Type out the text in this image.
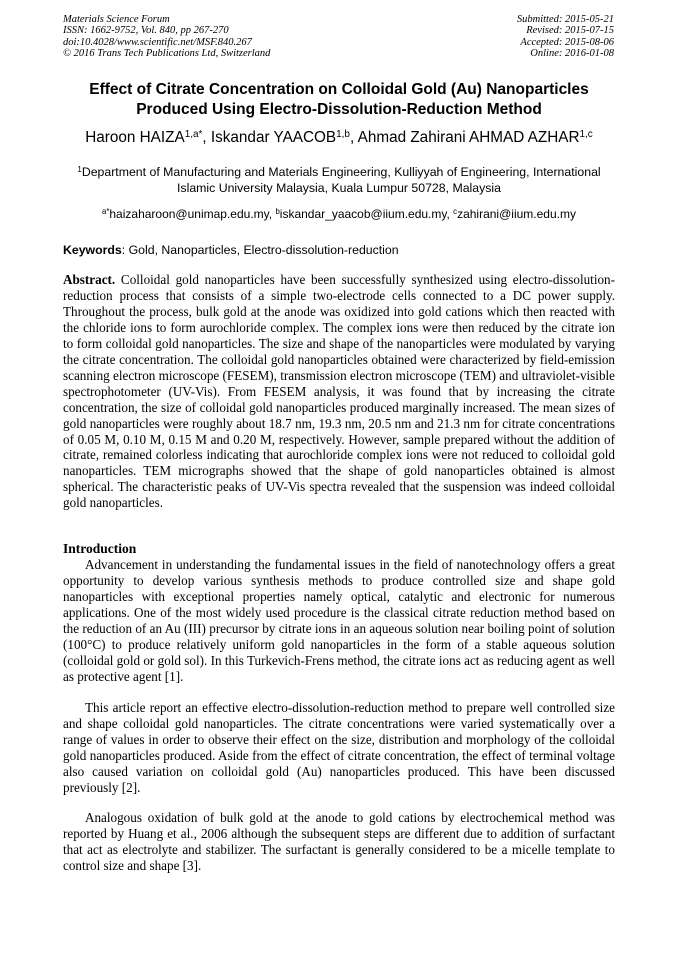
Materials Science Forum
ISSN: 1662-9752, Vol. 840, pp 267-270
doi:10.4028/www.scientific.net/MSF.840.267
© 2016 Trans Tech Publications Ltd, Switzerland
Submitted: 2015-05-21
Revised: 2015-07-15
Accepted: 2015-08-06
Online: 2016-01-08
Effect of Citrate Concentration on Colloidal Gold (Au) Nanoparticles Produced Using Electro-Dissolution-Reduction Method
Haroon $HAIZA^{1,a*}$, Iskandar YAACOB$^{1,b}$, Ahmad Zahirani AHMAD AZHAR$^{1,c}$
$^1$Department of Manufacturing and Materials Engineering, Kulliyyah of Engineering, International Islamic University Malaysia, Kuala Lumpur 50728, Malaysia
$^{a*}$haizaharoon@unimap.edu.my, $^b$iskandar_yaacob@iium.edu.my, $^c$zahirani@iium.edu.my
Keywords: Gold, Nanoparticles, Electro-dissolution-reduction
Abstract. Colloidal gold nanoparticles have been successfully synthesized using electro-dissolution-reduction process that consists of a simple two-electrode cells connected to a DC power supply. Throughout the process, bulk gold at the anode was oxidized into gold cations which then reacted with the chloride ions to form aurochloride complex. The complex ions were then reduced by the citrate ion to form colloidal gold nanoparticles. The size and shape of the nanoparticles were modulated by varying the citrate concentration. The colloidal gold nanoparticles obtained were characterized by field-emission scanning electron microscope (FESEM), transmission electron microscope (TEM) and ultraviolet-visible spectrophotometer (UV-Vis). From FESEM analysis, it was found that by increasing the citrate concentration, the size of colloidal gold nanoparticles produced marginally increased. The mean sizes of gold nanoparticles were roughly about 18.7 nm, 19.3 nm, 20.5 nm and 21.3 nm for citrate concentrations of 0.05 M, 0.10 M, 0.15 M and 0.20 M, respectively. However, sample prepared without the addition of citrate, remained colorless indicating that aurochloride complex ions were not reduced to colloidal gold nanoparticles. TEM micrographs showed that the shape of gold nanoparticles obtained is almost spherical. The characteristic peaks of UV-Vis spectra revealed that the suspension was indeed colloidal gold nanoparticles.
Introduction
Advancement in understanding the fundamental issues in the field of nanotechnology offers a great opportunity to develop various synthesis methods to produce controlled size and shape gold nanoparticles with exceptional properties namely optical, catalytic and electronic for numerous applications. One of the most widely used procedure is the classical citrate reduction method based on the reduction of an Au (III) precursor by citrate ions in an aqueous solution near boiling point of solution (100°C) to produce relatively uniform gold nanoparticles in the form of a stable aqueous solution (colloidal gold or gold sol). In this Turkevich-Frens method, the citrate ions act as reducing agent as well as protective agent [1].
This article report an effective electro-dissolution-reduction method to prepare well controlled size and shape colloidal gold nanoparticles. The citrate concentrations were varied systematically over a range of values in order to observe their effect on the size, distribution and morphology of the colloidal gold nanoparticles produced. Aside from the effect of citrate concentration, the effect of terminal voltage also caused variation on colloidal gold (Au) nanoparticles produced. This have been discussed previously [2].
Analogous oxidation of bulk gold at the anode to gold cations by electrochemical method was reported by Huang et al., 2006 although the subsequent steps are different due to addition of surfactant that act as electrolyte and stabilizer. The surfactant is generally considered to be a micelle template to control size and shape [3].
